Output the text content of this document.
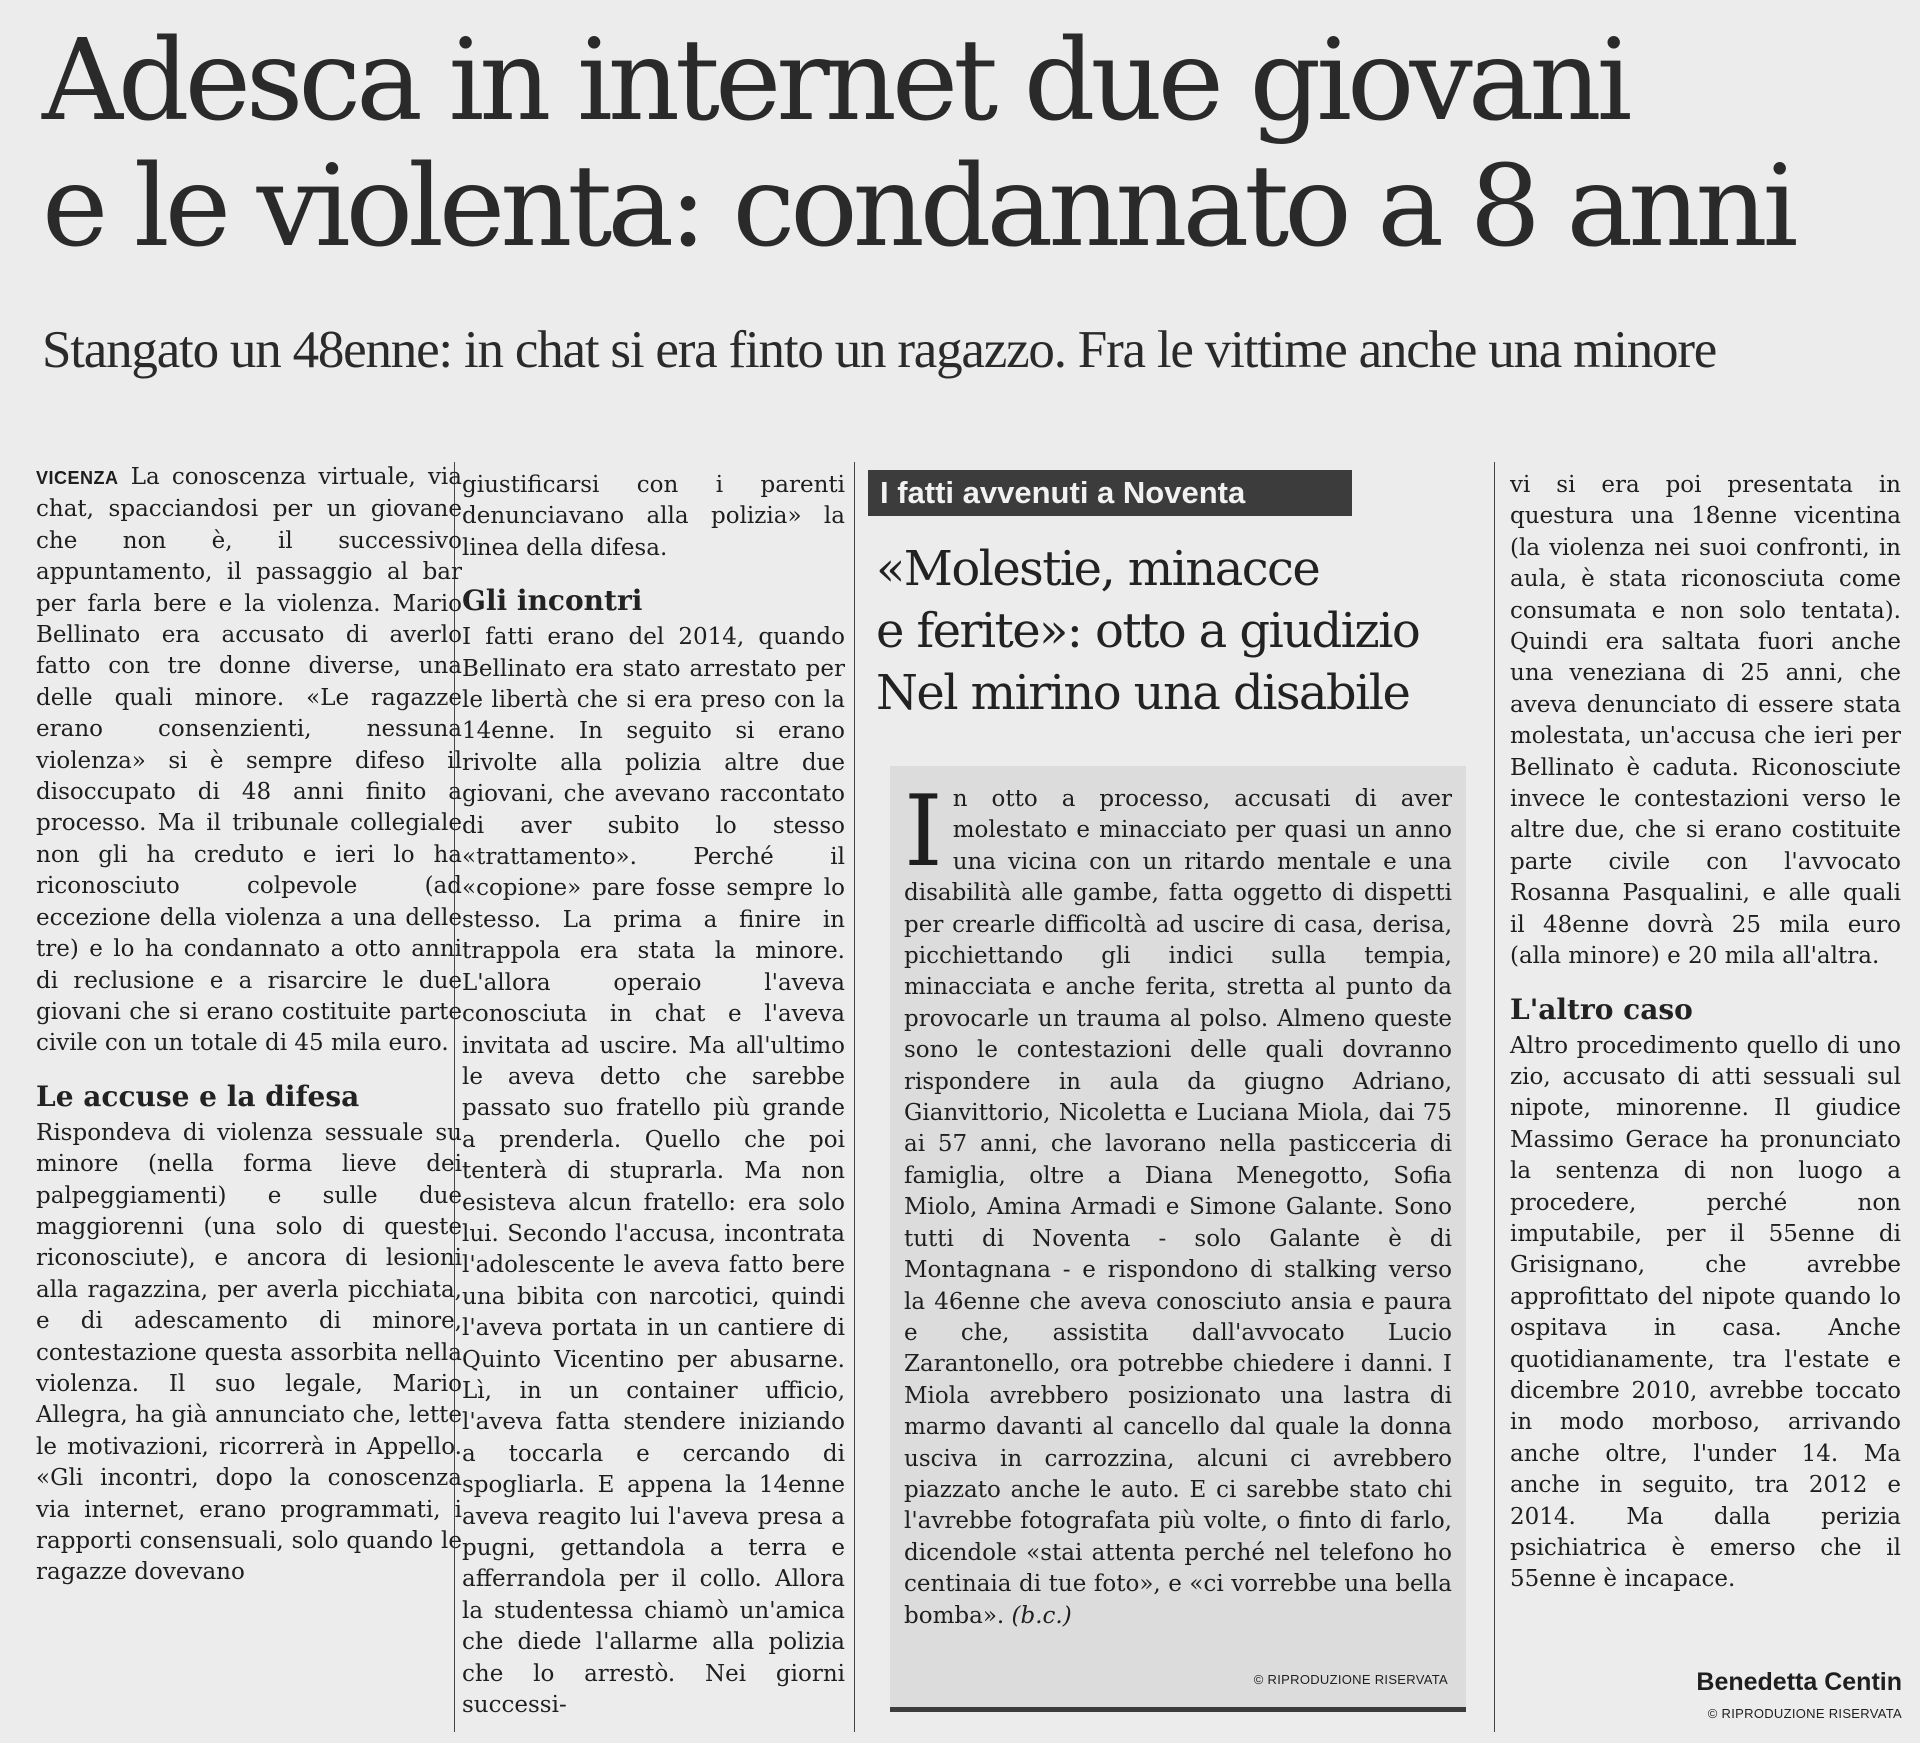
Adesca in internet due giovani
e le violenta: condannato a 8 anni
Stangato un 48enne: in chat si era finto un ragazzo. Fra le vittime anche una minore

VICENZA La conoscenza virtuale, via chat, spacciandosi per un giovane che non è, il successivo appuntamento, il passaggio al bar per farla bere e la violenza. Mario Bellinato era accusato di averlo fatto con tre donne diverse, una delle quali minore. «Le ragazze erano consenzienti, nessuna violenza» si è sempre difeso il disoccupato di 48 anni finito a processo. Ma il tribunale collegiale non gli ha creduto e ieri lo ha riconosciuto colpevole (ad eccezione della violenza a una delle tre) e lo ha condannato a otto anni di reclusione e a risarcire le due giovani che si erano costituite parte civile con un totale di 45 mila euro.

Le accuse e la difesa

Rispondeva di violenza sessuale su minore (nella forma lieve dei palpeggiamenti) e sulle due maggiorenni (una solo di queste riconosciute), e ancora di lesioni alla ragazzina, per averla picchiata, e di adescamento di minore, contestazione questa assorbita nella violenza. Il suo legale, Mario Allegra, ha già annunciato che, lette le motivazioni, ricorrerà in Appello. «Gli incontri, dopo la conoscenza via internet, erano programmati, i rapporti consensuali, solo quando le ragazze dovevano

giustificarsi con i parenti denunciavano alla polizia» la linea della difesa.

Gli incontri

I fatti erano del 2014, quando Bellinato era stato arrestato per le libertà che si era preso con la 14enne. In seguito si erano rivolte alla polizia altre due giovani, che avevano raccontato di aver subito lo stesso «trattamento». Perché il «copione» pare fosse sempre lo stesso. La prima a finire in trappola era stata la minore. L'allora operaio l'aveva conosciuta in chat e l'aveva invitata ad uscire. Ma all'ultimo le aveva detto che sarebbe passato suo fratello più grande a prenderla. Quello che poi tenterà di stuprarla. Ma non esisteva alcun fratello: era solo lui. Secondo l'accusa, incontrata l'adolescente le aveva fatto bere una bibita con narcotici, quindi l'aveva portata in un cantiere di Quinto Vicentino per abusarne. Lì, in un container ufficio, l'aveva fatta stendere iniziando a toccarla e cercando di spogliarla. E appena la 14enne aveva reagito lui l'aveva presa a pugni, gettandola a terra e afferrandola per il collo. Allora la studentessa chiamò un'amica che diede l'allarme alla polizia che lo arrestò. Nei giorni successi-

I fatti avvenuti a Noventa
«Molestie, minacce
e ferite»: otto a giudizio
Nel mirino una disabile

In otto a processo, accusati di aver molestato e minacciato per quasi un anno una vicina con un ritardo mentale e una disabilità alle gambe, fatta oggetto di dispetti per crearle difficoltà ad uscire di casa, derisa, picchiettando gli indici sulla tempia, minacciata e anche ferita, stretta al punto da provocarle un trauma al polso. Almeno queste sono le contestazioni delle quali dovranno rispondere in aula da giugno Adriano, Gianvittorio, Nicoletta e Luciana Miola, dai 75 ai 57 anni, che lavorano nella pasticceria di famiglia, oltre a Diana Menegotto, Sofia Miolo, Amina Armadi e Simone Galante. Sono tutti di Noventa - solo Galante è di Montagnana - e rispondono di stalking verso la 46enne che aveva conosciuto ansia e paura e che, assistita dall'avvocato Lucio Zarantonello, ora potrebbe chiedere i danni. I Miola avrebbero posizionato una lastra di marmo davanti al cancello dal quale la donna usciva in carrozzina, alcuni ci avrebbero piazzato anche le auto. E ci sarebbe stato chi l'avrebbe fotografata più volte, o finto di farlo, dicendole «stai attenta perché nel telefono ho centinaia di tue foto», e «ci vorrebbe una bella bomba». (b.c.)

© RIPRODUZIONE RISERVATA

vi si era poi presentata in questura una 18enne vicentina (la violenza nei suoi confronti, in aula, è stata riconosciuta come consumata e non solo tentata). Quindi era saltata fuori anche una veneziana di 25 anni, che aveva denunciato di essere stata molestata, un'accusa che ieri per Bellinato è caduta. Riconosciute invece le contestazioni verso le altre due, che si erano costituite parte civile con l'avvocato Rosanna Pasqualini, e alle quali il 48enne dovrà 25 mila euro (alla minore) e 20 mila all'altra.

L'altro caso

Altro procedimento quello di uno zio, accusato di atti sessuali sul nipote, minorenne. Il giudice Massimo Gerace ha pronunciato la sentenza di non luogo a procedere, perché non imputabile, per il 55enne di Grisignano, che avrebbe approfittato del nipote quando lo ospitava in casa. Anche quotidianamente, tra l'estate e dicembre 2010, avrebbe toccato in modo morboso, arrivando anche oltre, l'under 14. Ma anche in seguito, tra 2012 e 2014. Ma dalla perizia psichiatrica è emerso che il 55enne è incapace.

Benedetta Centin
© RIPRODUZIONE RISERVATA
